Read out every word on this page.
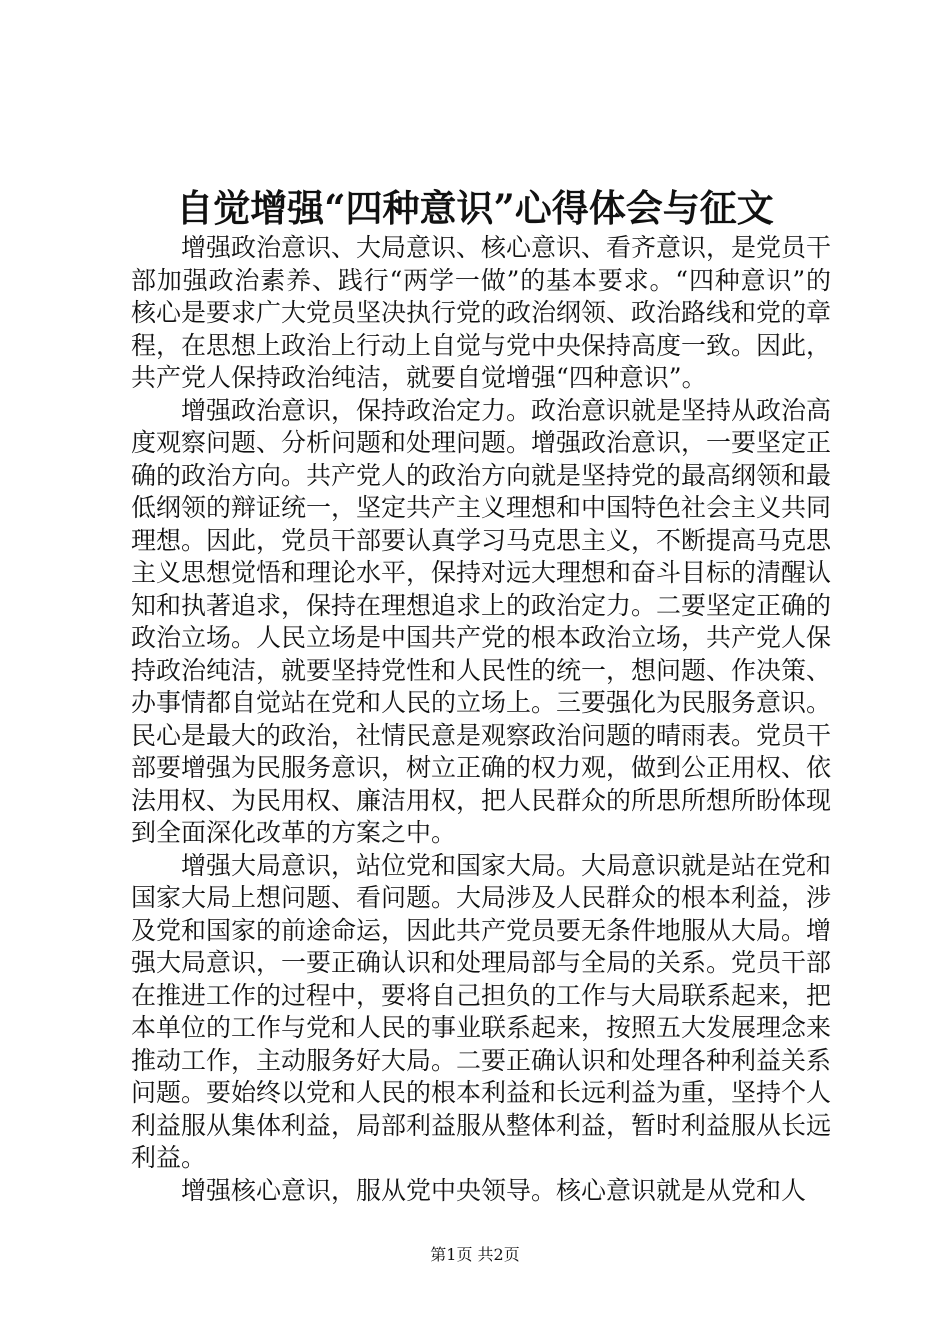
自觉增强“四种意识”心得体会与征文

增强政治意识、大局意识、核心意识、看齐意识，是党员干部加强政治素养、践行“两学一做”的基本要求。“四种意识”的核心是要求广大党员坚决执行党的政治纲领、政治路线和党的章程，在思想上政治上行动上自觉与党中央保持高度一致。因此，共产党人保持政治纯洁，就要自觉增强“四种意识”。

增强政治意识，保持政治定力。政治意识就是坚持从政治高度观察问题、分析问题和处理问题。增强政治意识，一要坚定正确的政治方向。共产党人的政治方向就是坚持党的最高纲领和最低纲领的辩证统一，坚定共产主义理想和中国特色社会主义共同理想。因此，党员干部要认真学习马克思主义，不断提高马克思主义思想觉悟和理论水平，保持对远大理想和奋斗目标的清醒认知和执著追求，保持在理想追求上的政治定力。二要坚定正确的政治立场。人民立场是中国共产党的根本政治立场，共产党人保持政治纯洁，就要坚持党性和人民性的统一，想问题、作决策、办事情都自觉站在党和人民的立场上。三要强化为民服务意识。民心是最大的政治，社情民意是观察政治问题的晴雨表。党员干部要增强为民服务意识，树立正确的权力观，做到公正用权、依法用权、为民用权、廉洁用权，把人民群众的所思所想所盼体现到全面深化改革的方案之中。

增强大局意识，站位党和国家大局。大局意识就是站在党和国家大局上想问题、看问题。大局涉及人民群众的根本利益，涉及党和国家的前途命运，因此共产党员要无条件地服从大局。增强大局意识，一要正确认识和处理局部与全局的关系。党员干部在推进工作的过程中，要将自己担负的工作与大局联系起来，把本单位的工作与党和人民的事业联系起来，按照五大发展理念来推动工作，主动服务好大局。二要正确认识和处理各种利益关系问题。要始终以党和人民的根本利益和长远利益为重，坚持个人利益服从集体利益，局部利益服从整体利益，暂时利益服从长远利益。

增强核心意识，服从党中央领导。核心意识就是从党和人

第1页 共2页
